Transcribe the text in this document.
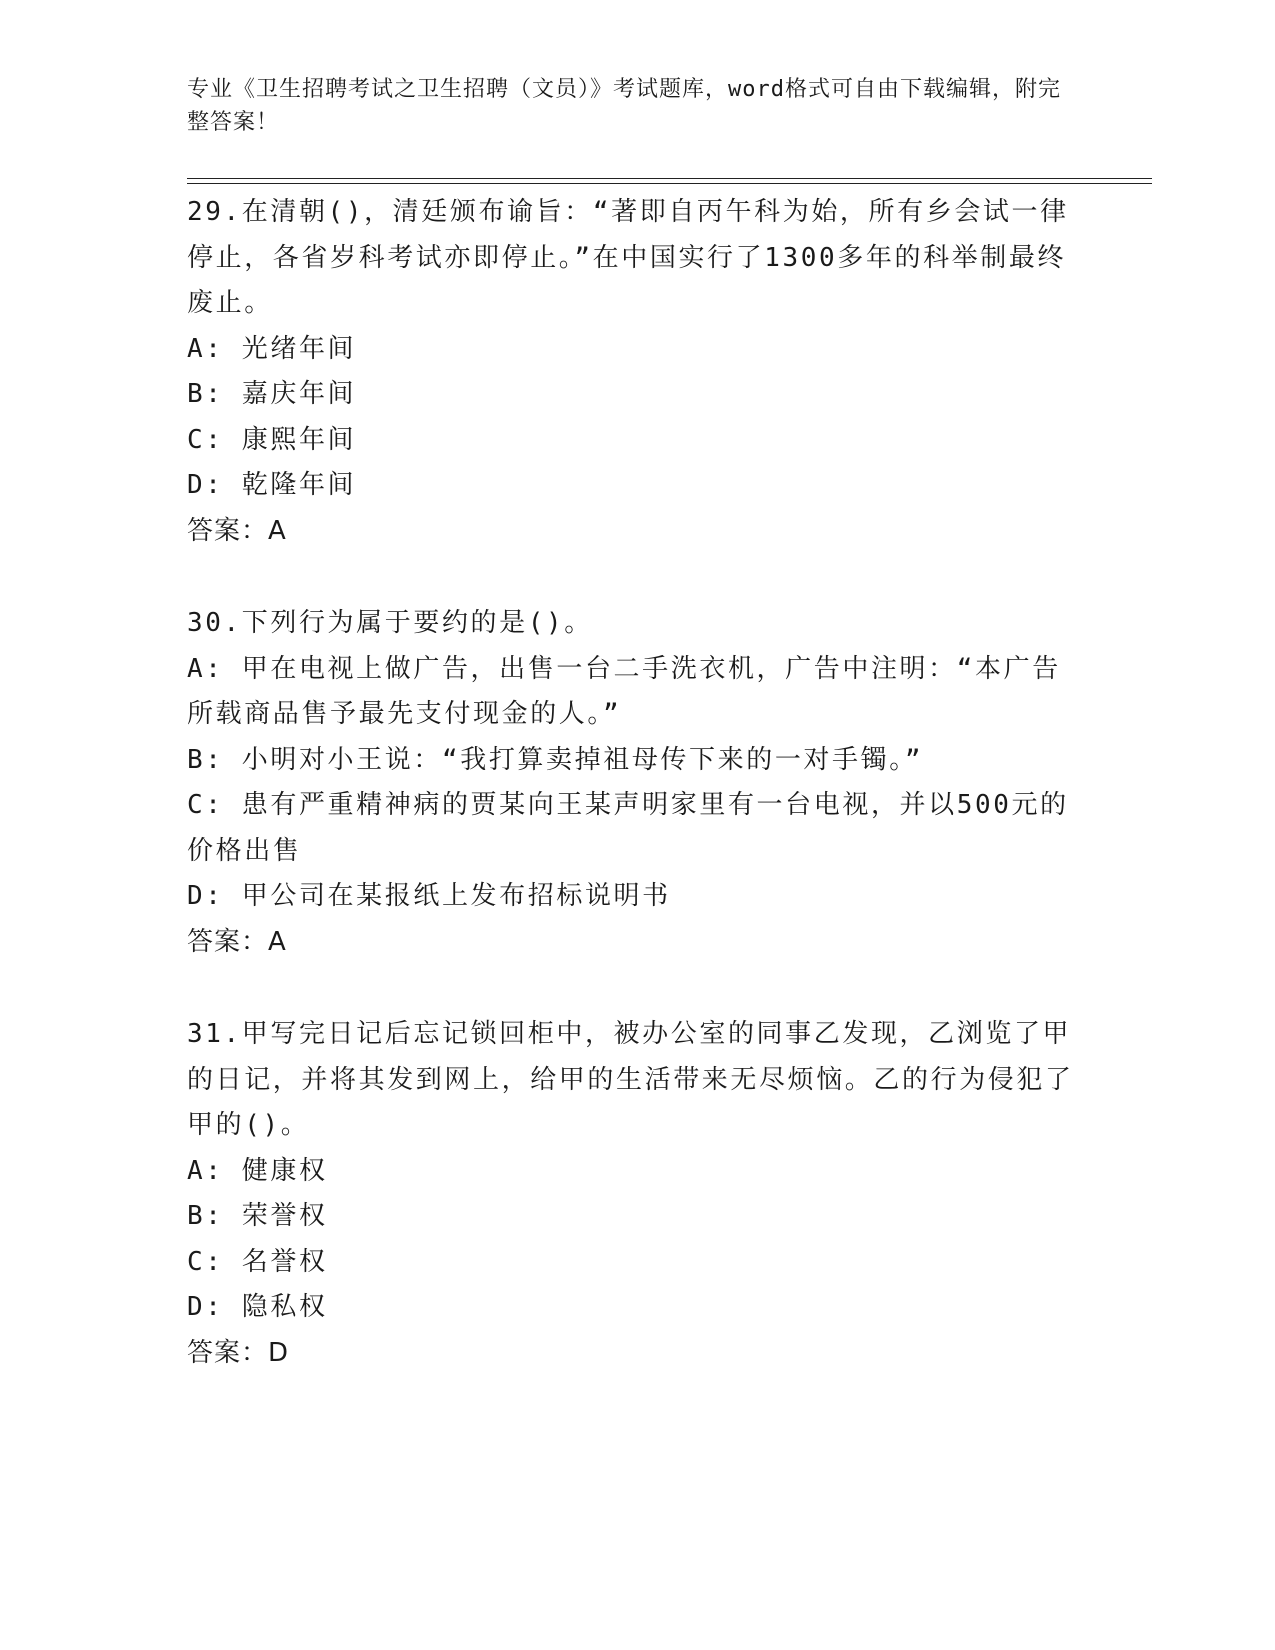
专业《卫生招聘考试之卫生招聘（文员）》考试题库，word格式可自由下载编辑，附完整答案！
29.在清朝()，清廷颁布谕旨：“著即自丙午科为始，所有乡会试一律停止，各省岁科考试亦即停止。”在中国实行了1300多年的科举制最终废止。
A: 光绪年间
B: 嘉庆年间
C: 康熙年间
D: 乾隆年间
答案：A
30.下列行为属于要约的是()。
A: 甲在电视上做广告，出售一台二手洗衣机，广告中注明：“本广告所载商品售予最先支付现金的人。”
B: 小明对小王说：“我打算卖掉祖母传下来的一对手镯。”
C: 患有严重精神病的贾某向王某声明家里有一台电视，并以500元的价格出售
D: 甲公司在某报纸上发布招标说明书
答案：A
31.甲写完日记后忘记锁回柜中，被办公室的同事乙发现，乙浏览了甲的日记，并将其发到网上，给甲的生活带来无尽烦恼。乙的行为侵犯了甲的()。
A: 健康权
B: 荣誉权
C: 名誉权
D: 隐私权
答案：D
